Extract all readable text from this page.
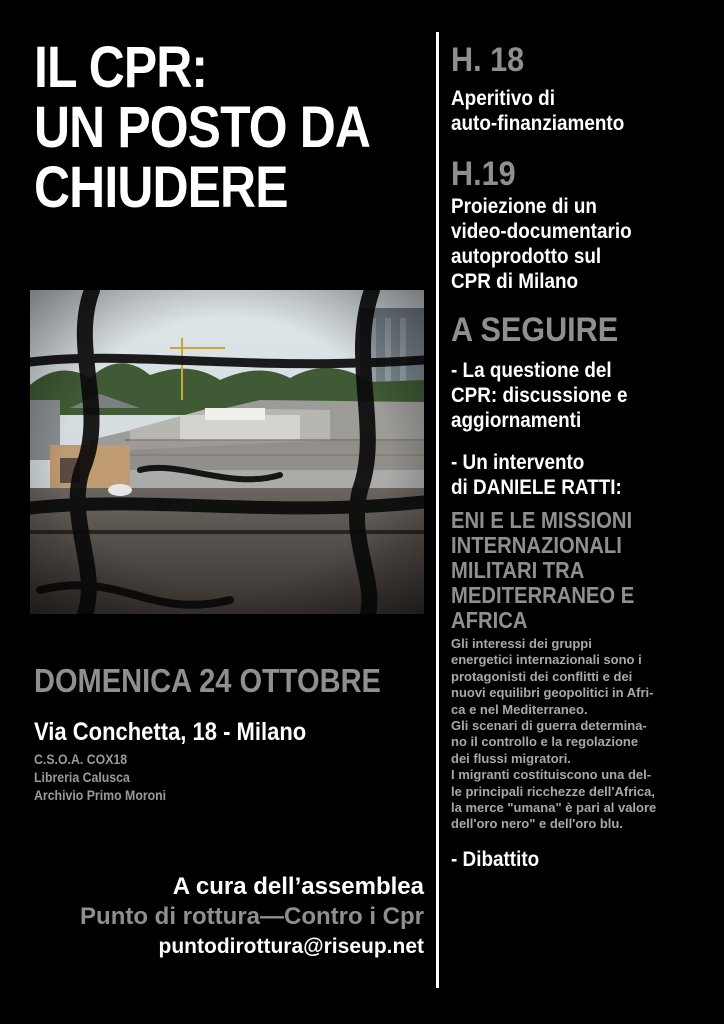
IL CPR:
UN POSTO DA
CHIUDERE
DOMENICA 24 OTTOBRE
Via Conchetta, 18 - Milano
C.S.O.A. COX18
Libreria Calusca
Archivio Primo Moroni
A cura dell’assemblea
Punto di rottura—Contro i Cpr
puntodirottura@riseup.net
H. 18
Aperitivo di
auto-finanziamento
H.19
Proiezione di un
video-documentario
autoprodotto sul
CPR di Milano
A SEGUIRE
- La questione del
CPR: discussione e
aggiornamenti
- Un intervento
di DANIELE RATTI:
ENI E LE MISSIONI
INTERNAZIONALI
MILITARI TRA
MEDITERRANEO E
AFRICA
Gli interessi dei gruppi
energetici internazionali sono i
protagonisti dei conflitti e dei
nuovi equilibri geopolitici in Afri-
ca e nel Mediterraneo.
Gli scenari di guerra determina-
no il controllo e la regolazione
dei flussi migratori.
I migranti costituiscono una del-
le principali ricchezze dell'Africa,
la merce "umana" è pari al valore
dell'oro nero" e dell'oro blu.
- Dibattito
